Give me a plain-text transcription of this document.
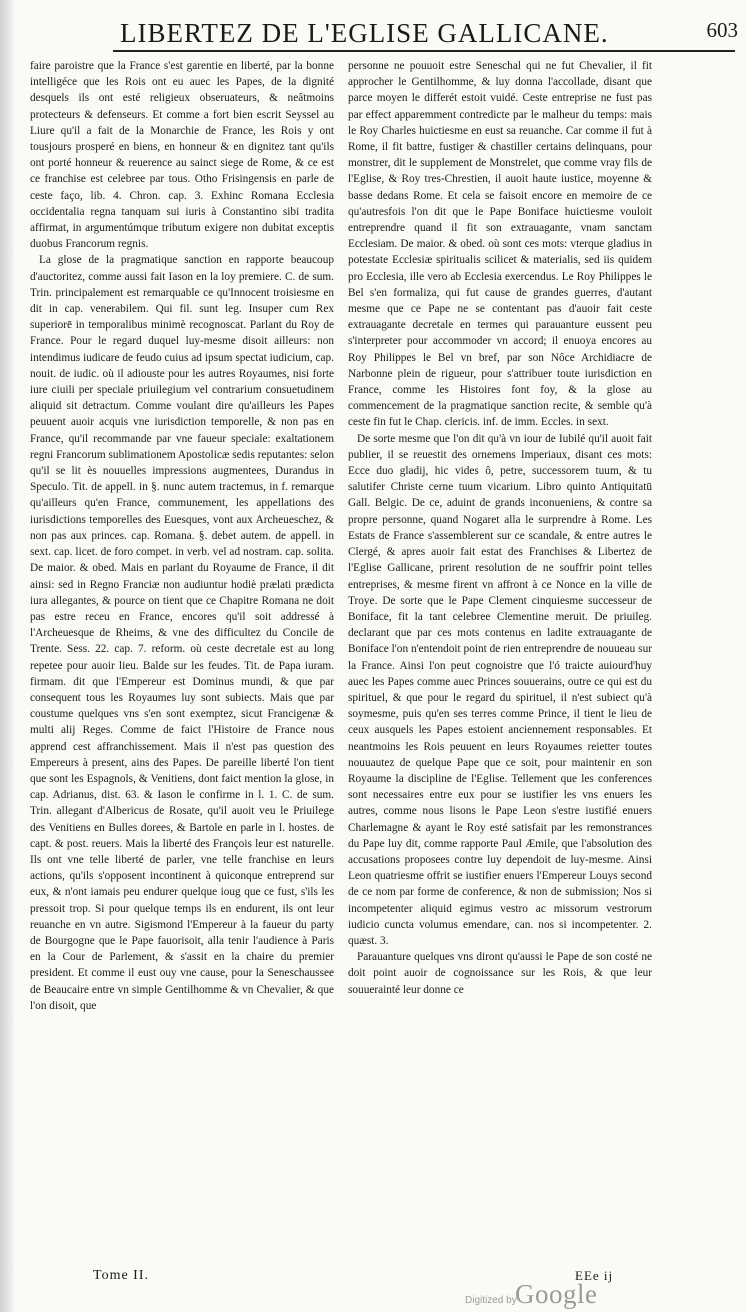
LIBERTEZ DE L'EGLISE GALLICANE.	603

faire paroistre que la France s'est garentie en liberté, par la bonne intelligéce que les Rois ont eu auec les Papes, de la dignité desquels ils ont esté religieux obseruateurs, & neâtmoins protecteurs & defenseurs. Et comme a fort bien escrit Seyssel au Liure qu'il a fait de la Monarchie de France, les Rois y ont tousjours prosperé en biens, en honneur & en dignitez tant qu'ils ont porté honneur & reuerence au sainct siege de Rome, & ce est ce franchise est celebree par tous. Otho Frisingensis en parle de ceste faço, lib. 4. Chron. cap. 3. Exhinc Romana Ecclesia occidentalia regna tanquam sui iuris à Constantino sibi tradita affirmat, in argumentúmque tributum exigere non dubitat exceptis duobus Francorum regnis.

La glose de la pragmatique sanction en rapporte beaucoup d'auctoritez, comme aussi fait Iason en la loy premiere. C. de sum. Trin. principalement est remarquable ce qu'Innocent troisiesme en dit in cap. venerabilem. Qui fil. sunt leg. Insuper cum Rex superiorē in temporalibus minimè recognoscat. Parlant du Roy de France. Pour le regard duquel luy-mesme disoit ailleurs: non intendimus iudicare de feudo cuius ad ipsum spectat iudicium, cap. nouit. de iudic. où il adiouste pour les autres Royaumes, nisi forte iure ciuili per speciale priuilegium vel contrarium consuetudinem aliquid sit detractum. Comme voulant dire qu'ailleurs les Papes peuuent auoir acquis vne iurisdiction temporelle, & non pas en France, qu'il recommande par vne faueur speciale: exaltationem regni Francorum sublimationem Apostolicæ sedis reputantes: selon qu'il se lit ès nouuelles impressions augmentees, Durandus in Speculo. Tit. de appell. in §. nunc autem tractemus, in f. remarque qu'ailleurs qu'en France, communement, les appellations des iurisdictions temporelles des Euesques, vont aux Archeueschez, & non pas aux princes. cap. Romana. §. debet autem. de appell. in sext. cap. licet. de foro compet. in verb. vel ad nostram. cap. solita. De maior. & obed. Mais en parlant du Royaume de France, il dit ainsi: sed in Regno Franciæ non audiuntur hodiè prælati prædicta iura allegantes, & pource on tient que ce Chapitre Romana ne doit pas estre receu en France, encores qu'il soit addressé à l'Archeuesque de Rheims, & vne des difficultez du Concile de Trente. Sess. 22. cap. 7. reform. où ceste decretale est au long repetee pour auoir lieu. Balde sur les feudes. Tit. de Papa iuram. firmam. dit que l'Empereur est Dominus mundi, & que par consequent tous les Royaumes luy sont subiects. Mais que par coustume quelques vns s'en sont exemptez, sicut Francigenæ & multi alij Reges. Comme de faict l'Histoire de France nous apprend cest affranchissement. Mais il n'est pas question des Empereurs à present, ains des Papes. De pareille liberté l'on tient que sont les Espagnols, & Venitiens, dont faict mention la glose, in cap. Adrianus, dist. 63. & Iason le confirme in l. 1. C. de sum. Trin. allegant d'Albericus de Rosate, qu'il auoit veu le Priuilege des Venitiens en Bulles dorees, & Bartole en parle in l. hostes. de capt. & post. reuers. Mais la liberté des François leur est naturelle. Ils ont vne telle liberté de parler, vne telle franchise en leurs actions, qu'ils s'opposent incontinent à quiconque entreprend sur eux, & n'ont iamais peu endurer quelque ioug que ce fust, s'ils les pressoit trop. Si pour quelque temps ils en endurent, ils ont leur reuanche en vn autre. Sigismond l'Empereur à la faueur du party de Bourgogne que le Pape fauorisoit, alla tenir l'audience à Paris en la Cour de Parlement, & s'assit en la chaire du premier president. Et comme il eust ouy vne cause, pour la Seneschaussee de Beaucaire entre vn simple Gentilhomme & vn Chevalier, & que l'on disoit, que

personne ne pouuoit estre Seneschal qui ne fut Chevalier, il fit approcher le Gentilhomme, & luy donna l'accollade, disant que parce moyen le differét estoit vuidé. Ceste entreprise ne fust pas par effect apparemment contredicte par le malheur du temps: mais le Roy Charles huictiesme en eust sa reuanche. Car comme il fut à Rome, il fit battre, fustiger & chastiller certains delinquans, pour monstrer, dit le supplement de Monstrelet, que comme vray fils de l'Eglise, & Roy tres-Chrestien, il auoit haute iustice, moyenne & basse dedans Rome. Et cela se faisoit encore en memoire de ce qu'autresfois l'on dit que le Pape Boniface huictiesme vouloit entreprendre quand il fit son extrauagante, vnam sanctam Ecclesiam. De maior. & obed. où sont ces mots: vterque gladius in potestate Ecclesiæ spiritualis scilicet & materialis, sed iis quidem pro Ecclesia, ille vero ab Ecclesia exercendus. Le Roy Philippes le Bel s'en formaliza, qui fut cause de grandes guerres, d'autant mesme que ce Pape ne se contentant pas d'auoir fait ceste extrauagante decretale en termes qui parauanture eussent peu s'interpreter pour accommoder vn accord; il enuoya encores au Roy Philippes le Bel vn bref, par son Nôce Archidiacre de Narbonne plein de rigueur, pour s'attribuer toute iurisdiction en France, comme les Histoires font foy, & la glose au commencement de la pragmatique sanction recite, & semble qu'à ceste fin fut le Chap. clericis. inf. de imm. Eccles. in sext.

De sorte mesme que l'on dit qu'à vn iour de Iubilé qu'il auoit fait publier, il se reuestit des ornemens Imperiaux, disant ces mots: Ecce duo gladij, hic vides ô, petre, successorem tuum, & tu salutifer Christe cerne tuum vicarium. Libro quinto Antiquitatū Gall. Belgic. De ce, aduint de grands inconueniens, & contre sa propre personne, quand Nogaret alla le surprendre à Rome. Les Estats de France s'assemblerent sur ce scandale, & entre autres le Clergé, & apres auoir fait estat des Franchises & Libertez de l'Eglise Gallicane, prirent resolution de ne souffrir point telles entreprises, & mesme firent vn affront à ce Nonce en la ville de Troye. De sorte que le Pape Clement cinquiesme successeur de Boniface, fit la tant celebree Clementine meruit. De priuileg. declarant que par ces mots contenus en ladite extrauagante de Boniface l'on n'entendoit point de rien entreprendre de nouueau sur la France. Ainsi l'on peut cognoistre que l'ó traicte auiourd'huy auec les Papes comme auec Princes souuerains, outre ce qui est du spirituel, & que pour le regard du spirituel, il n'est subiect qu'à soymesme, puis qu'en ses terres comme Prince, il tient le lieu de ceux ausquels les Papes estoient anciennement responsables. Et neantmoins les Rois peuuent en leurs Royaumes reietter toutes nouuautez de quelque Pape que ce soit, pour maintenir en son Royaume la discipline de l'Eglise. Tellement que les conferences sont necessaires entre eux pour se iustifier les vns enuers les autres, comme nous lisons le Pape Leon s'estre iustifié enuers Charlemagne & ayant le Roy esté satisfait par les remonstrances du Pape luy dit, comme rapporte Paul Æmile, que l'absolution des accusations proposees contre luy dependoit de luy-mesme. Ainsi Leon quatriesme offrit se iustifier enuers l'Empereur Louys second de ce nom par forme de conference, & non de submission; Nos si incompetenter aliquid egimus vestro ac missorum vestrorum iudicio cuncta volumus emendare, can. nos si incompetenter. 2. quæst. 3.

Parauanture quelques vns diront qu'aussi le Pape de son costé ne doit point auoir de cognoissance sur les Rois, & que leur souuerainté leur donne ce

Tome II.	EEe ij
Digitized by
Google
